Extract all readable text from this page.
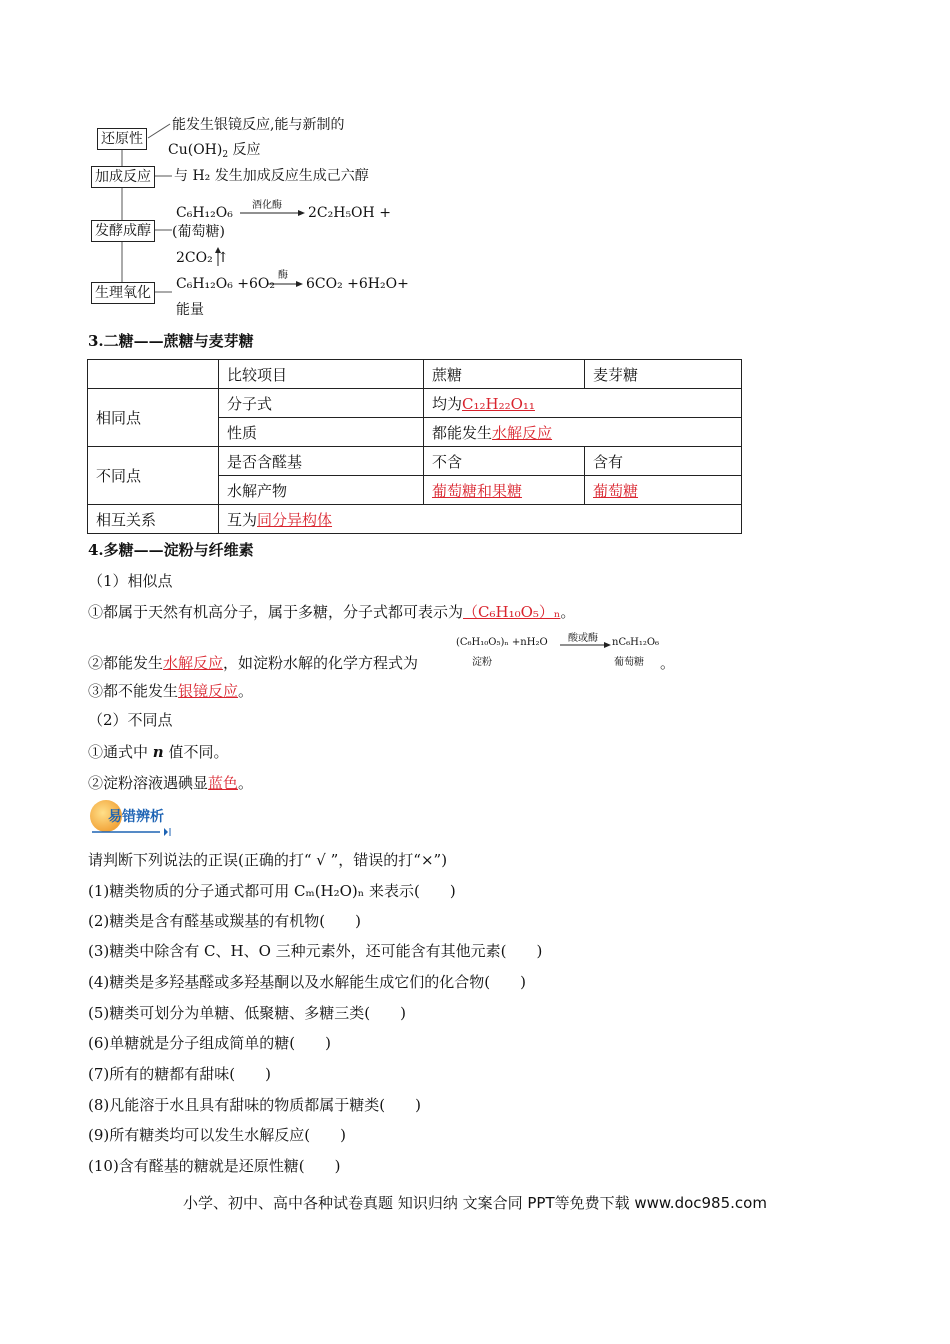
还原性
能发生银镜反应,能与新制的
$Cu(OH)_2$ 反应
加成反应 与 H₂ 发生加成反应生成己六醇
发酵成醇
C₆H₁₂O₆ 酒化酶 2C₂H₅OH +
(葡萄糖)
2CO₂ ↑
生理氧化
C₆H₁₂O₆ +6O₂
酶
6CO₂ +6H₂O+
能量
3.二糖——蔗糖与麦芽糖
	比较项目	蔗糖	麦芽糖
相同点	分子式	均为C₁₂H₂₂O₁₁	
	性质	都能发生水解反应	
不同点	是否含醛基	不含	含有
	水解产物	葡萄糖和果糖	葡萄糖
相互关系	互为同分异构体		
4.多糖——淀粉与纤维素
（1）相似点
①都属于天然有机高分子，属于多糖，分子式都可表示为（C₆H₁₀O₅）ₙ。
②都能发生水解反应，如淀粉水解的化学方程式为
(C₆H₁₀O₅)ₙ +nH₂O 酸或酶 nC₆H₁₂O₆
淀粉	葡萄糖 。
③都不能发生银镜反应。
（2）不同点
①通式中 n 值不同。
②淀粉溶液遇碘显蓝色。
易错辨析
请判断下列说法的正误(正确的打“ √ ”，错误的打“×”)
(1)糖类物质的分子通式都可用 Cₘ(H₂O)ₙ 来表示(　　)
(2)糖类是含有醛基或羰基的有机物(　　)
(3)糖类中除含有 C、H、O 三种元素外，还可能含有其他元素(　　)
(4)糖类是多羟基醛或多羟基酮以及水解能生成它们的化合物(　　)
(5)糖类可划分为单糖、低聚糖、多糖三类(　　)
(6)单糖就是分子组成简单的糖(　　)
(7)所有的糖都有甜味(　　)
(8)凡能溶于水且具有甜味的物质都属于糖类(　　)
(9)所有糖类均可以发生水解反应(　　)
(10)含有醛基的糖就是还原性糖(　　)
小学、初中、高中各种试卷真题 知识归纳 文案合同 PPT等免费下载 www.doc985.com
